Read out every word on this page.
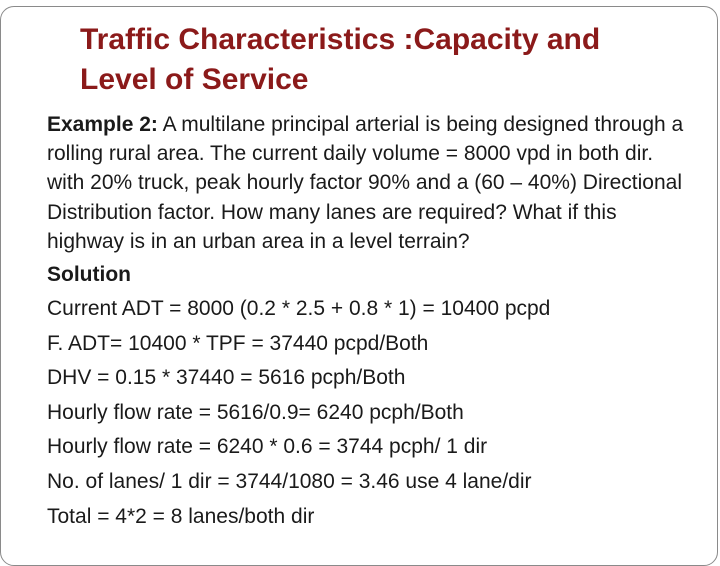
Traffic Characteristics :Capacity and
Level of Service

Example 2: A multilane principal arterial is being designed through a rolling rural area. The current daily volume = 8000 vpd in both dir. with 20% truck, peak hourly factor 90% and a (60 – 40%) Directional Distribution factor. How many lanes are required? What if this highway is in an urban area in a level terrain?

Solution

Current ADT = 8000 (0.2 * 2.5 + 0.8 * 1) = 10400 pcpd

F. ADT= 10400 * TPF = 37440 pcpd/Both

DHV = 0.15 * 37440 = 5616 pcph/Both

Hourly flow rate = 5616/0.9= 6240 pcph/Both

Hourly flow rate = 6240 * 0.6 = 3744 pcph/ 1 dir

No. of lanes/ 1 dir = 3744/1080 = 3.46 use 4 lane/dir

Total = 4*2 = 8 lanes/both dir
